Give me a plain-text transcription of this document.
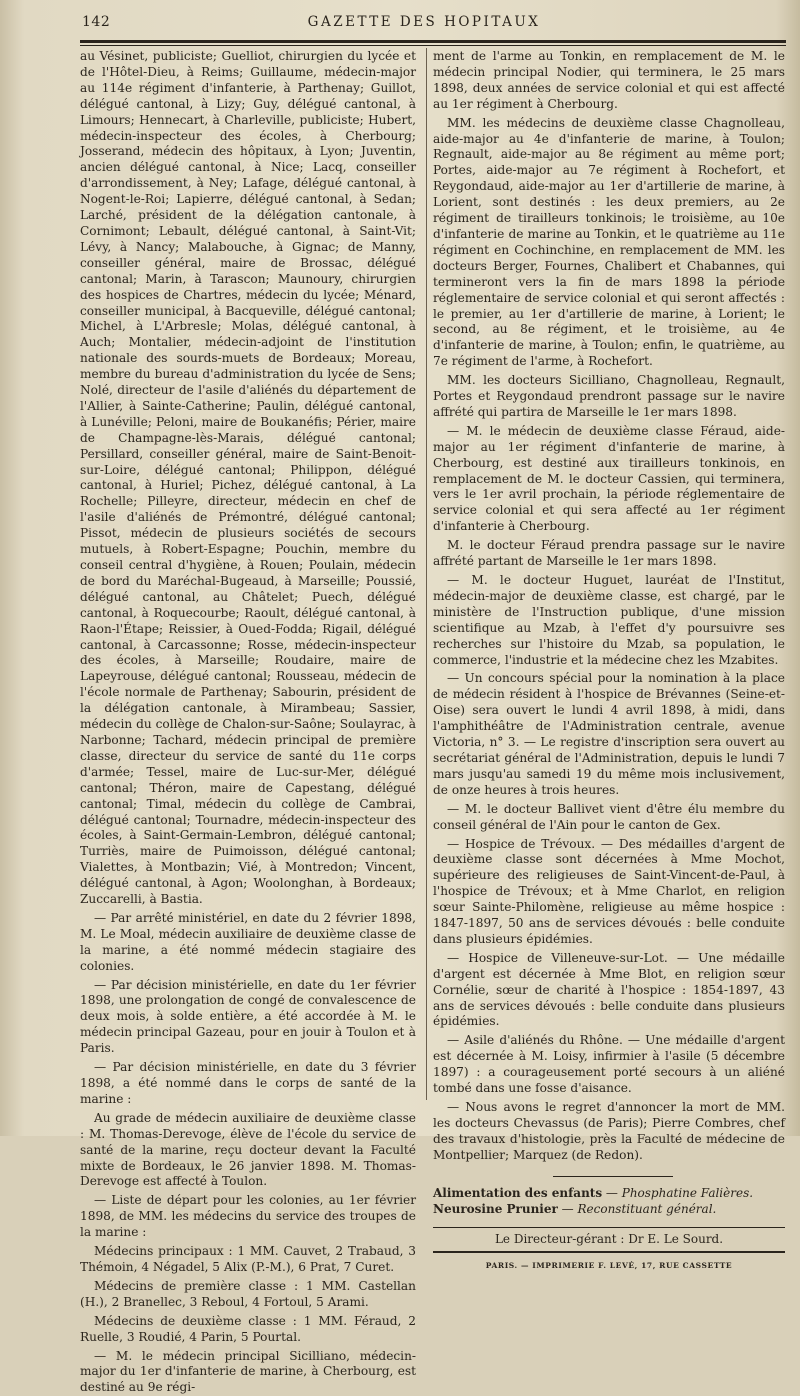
142	GAZETTE DES HOPITAUX

au Vésinet, publiciste; Guelliot, chirurgien du lycée et de l'Hôtel-Dieu, à Reims; Guillaume, médecin-major au 114e régiment d'infanterie, à Parthenay; Guillot, délégué cantonal, à Lizy; Guy, délégué cantonal, à Limours; Hennecart, à Charleville, publiciste; Hubert, médecin-inspecteur des écoles, à Cherbourg; Josserand, médecin des hôpitaux, à Lyon; Juventin, ancien délégué cantonal, à Nice; Lacq, conseiller d'arrondissement, à Ney; Lafage, délégué cantonal, à Nogent-le-Roi; Lapierre, délégué cantonal, à Sedan; Larché, président de la délégation cantonale, à Cornimont; Lebault, délégué cantonal, à Saint-Vit; Lévy, à Nancy; Malabouche, à Gignac; de Manny, conseiller général, maire de Brossac, délégué cantonal; Marin, à Tarascon; Maunoury, chirurgien des hospices de Chartres, médecin du lycée; Ménard, conseiller municipal, à Bacqueville, délégué cantonal; Michel, à L'Arbresle; Molas, délégué cantonal, à Auch; Montalier, médecin-adjoint de l'institution nationale des sourds-muets de Bordeaux; Moreau, membre du bureau d'administration du lycée de Sens; Nolé, directeur de l'asile d'aliénés du département de l'Allier, à Sainte-Catherine; Paulin, délégué cantonal, à Lunéville; Peloni, maire de Boukanéfis; Périer, maire de Champagne-lès-Marais, délégué cantonal; Persillard, conseiller général, maire de Saint-Benoit-sur-Loire, délégué cantonal; Philippon, délégué cantonal, à Huriel; Pichez, délégué cantonal, à La Rochelle; Pilleyre, directeur, médecin en chef de l'asile d'aliénés de Prémontré, délégué cantonal; Pissot, médecin de plusieurs sociétés de secours mutuels, à Robert-Espagne; Pouchin, membre du conseil central d'hygiène, à Rouen; Poulain, médecin de bord du Maréchal-Bugeaud, à Marseille; Poussié, délégué cantonal, au Châtelet; Puech, délégué cantonal, à Roquecourbe; Raoult, délégué cantonal, à Raon-l'Étape; Reissier, à Oued-Fodda; Rigail, délégué cantonal, à Carcassonne; Rosse, médecin-inspecteur des écoles, à Marseille; Roudaire, maire de Lapeyrouse, délégué cantonal; Rousseau, médecin de l'école normale de Parthenay; Sabourin, président de la délégation cantonale, à Mirambeau; Sassier, médecin du collège de Chalon-sur-Saône; Soulayrac, à Narbonne; Tachard, médecin principal de première classe, directeur du service de santé du 11e corps d'armée; Tessel, maire de Luc-sur-Mer, délégué cantonal; Théron, maire de Capestang, délégué cantonal; Timal, médecin du collège de Cambrai, délégué cantonal; Tournadre, médecin-inspecteur des écoles, à Saint-Germain-Lembron, délégué cantonal; Turriès, maire de Puimoisson, délégué cantonal; Vialettes, à Montbazin; Vié, à Montredon; Vincent, délégué cantonal, à Agon; Woolonghan, à Bordeaux; Zuccarelli, à Bastia.

— Par arrêté ministériel, en date du 2 février 1898, M. Le Moal, médecin auxiliaire de deuxième classe de la marine, a été nommé médecin stagiaire des colonies.

— Par décision ministérielle, en date du 1er février 1898, une prolongation de congé de convalescence de deux mois, à solde entière, a été accordée à M. le médecin principal Gazeau, pour en jouir à Toulon et à Paris.

— Par décision ministérielle, en date du 3 février 1898, a été nommé dans le corps de santé de la marine :

Au grade de médecin auxiliaire de deuxième classe : M. Thomas-Derevoge, élève de l'école du service de santé de la marine, reçu docteur devant la Faculté mixte de Bordeaux, le 26 janvier 1898. M. Thomas-Derevoge est affecté à Toulon.

— Liste de départ pour les colonies, au 1er février 1898, de MM. les médecins du service des troupes de la marine :

Médecins principaux : 1 MM. Cauvet, 2 Trabaud, 3 Thémoin, 4 Négadel, 5 Alix (P.-M.), 6 Prat, 7 Curet.

Médecins de première classe : 1 MM. Castellan (H.), 2 Branellec, 3 Reboul, 4 Fortoul, 5 Arami.

Médecins de deuxième classe : 1 MM. Féraud, 2 Ruelle, 3 Roudié, 4 Parin, 5 Pourtal.

— M. le médecin principal Sicilliano, médecin-major du 1er d'infanterie de marine, à Cherbourg, est destiné au 9e régi-

ment de l'arme au Tonkin, en remplacement de M. le médecin principal Nodier, qui terminera, le 25 mars 1898, deux années de service colonial et qui est affecté au 1er régiment à Cherbourg.

MM. les médecins de deuxième classe Chagnolleau, aide-major au 4e d'infanterie de marine, à Toulon; Regnault, aide-major au 8e régiment au même port; Portes, aide-major au 7e régiment à Rochefort, et Reygondaud, aide-major au 1er d'artillerie de marine, à Lorient, sont destinés : les deux premiers, au 2e régiment de tirailleurs tonkinois; le troisième, au 10e d'infanterie de marine au Tonkin, et le quatrième au 11e régiment en Cochinchine, en remplacement de MM. les docteurs Berger, Fournes, Chalibert et Chabannes, qui termineront vers la fin de mars 1898 la période réglementaire de service colonial et qui seront affectés : le premier, au 1er d'artillerie de marine, à Lorient; le second, au 8e régiment, et le troisième, au 4e d'infanterie de marine, à Toulon; enfin, le quatrième, au 7e régiment de l'arme, à Rochefort.

MM. les docteurs Sicilliano, Chagnolleau, Regnault, Portes et Reygondaud prendront passage sur le navire affrété qui partira de Marseille le 1er mars 1898.

— M. le médecin de deuxième classe Féraud, aide-major au 1er régiment d'infanterie de marine, à Cherbourg, est destiné aux tirailleurs tonkinois, en remplacement de M. le docteur Cassien, qui terminera, vers le 1er avril prochain, la période réglementaire de service colonial et qui sera affecté au 1er régiment d'infanterie à Cherbourg.

M. le docteur Féraud prendra passage sur le navire affrété partant de Marseille le 1er mars 1898.

— M. le docteur Huguet, lauréat de l'Institut, médecin-major de deuxième classe, est chargé, par le ministère de l'Instruction publique, d'une mission scientifique au Mzab, à l'effet d'y poursuivre ses recherches sur l'histoire du Mzab, sa population, le commerce, l'industrie et la médecine chez les Mzabites.

— Un concours spécial pour la nomination à la place de médecin résident à l'hospice de Brévannes (Seine-et-Oise) sera ouvert le lundi 4 avril 1898, à midi, dans l'amphithéâtre de l'Administration centrale, avenue Victoria, n° 3. — Le registre d'inscription sera ouvert au secrétariat général de l'Administration, depuis le lundi 7 mars jusqu'au samedi 19 du même mois inclusivement, de onze heures à trois heures.

— M. le docteur Ballivet vient d'être élu membre du conseil général de l'Ain pour le canton de Gex.

— Hospice de Trévoux. — Des médailles d'argent de deuxième classe sont décernées à Mme Mochot, supérieure des religieuses de Saint-Vincent-de-Paul, à l'hospice de Trévoux; et à Mme Charlot, en religion sœur Sainte-Philomène, religieuse au même hospice : 1847-1897, 50 ans de services dévoués : belle conduite dans plusieurs épidémies.

— Hospice de Villeneuve-sur-Lot. — Une médaille d'argent est décernée à Mme Blot, en religion sœur Cornélie, sœur de charité à l'hospice : 1854-1897, 43 ans de services dévoués : belle conduite dans plusieurs épidémies.

— Asile d'aliénés du Rhône. — Une médaille d'argent est décernée à M. Loisy, infirmier à l'asile (5 décembre 1897) : a courageusement porté secours à un aliéné tombé dans une fosse d'aisance.

— Nous avons le regret d'annoncer la mort de MM. les docteurs Chevassus (de Paris); Pierre Combres, chef des travaux d'histologie, près la Faculté de médecine de Montpellier; Marquez (de Redon).

Alimentation des enfants — Phosphatine Falières.
Neurosine Prunier — Reconstituant général.
Le Directeur-gérant : Dr E. Le Sourd.
PARIS. — IMPRIMERIE F. LEVÉ, 17, RUE CASSETTE
